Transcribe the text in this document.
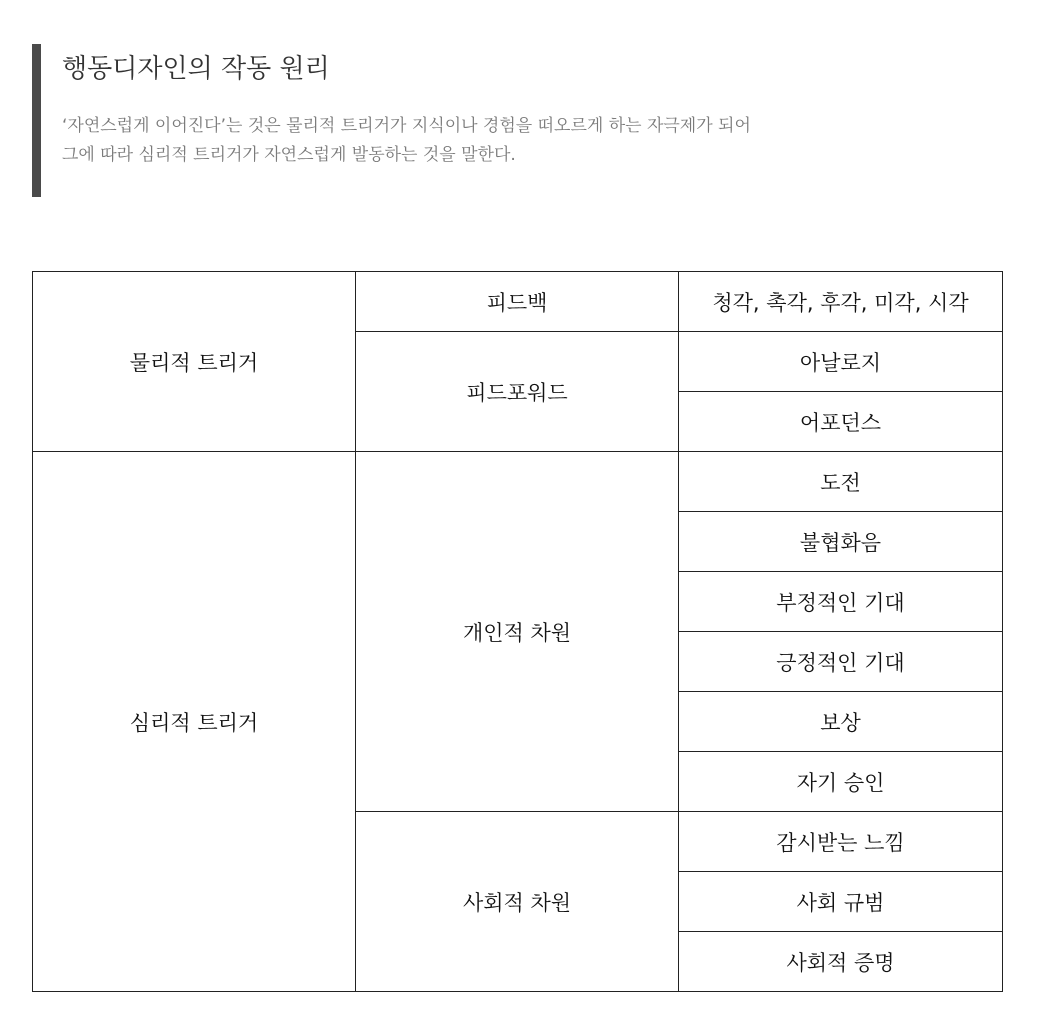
행동디자인의 작동 원리
‘자연스럽게 이어진다’는 것은 물리적 트리거가 지식이나 경험을 떠오르게 하는 자극제가 되어
그에 따라 심리적 트리거가 자연스럽게 발동하는 것을 말한다.
물리적 트리거	피드백	청각, 촉각, 후각, 미각, 시각
	피드포워드	아날로지
		어포던스
심리적 트리거	개인적 차원	도전
		불협화음
		부정적인 기대
		긍정적인 기대
		보상
		자기 승인
	사회적 차원	감시받는 느낌
		사회 규범
		사회적 증명
